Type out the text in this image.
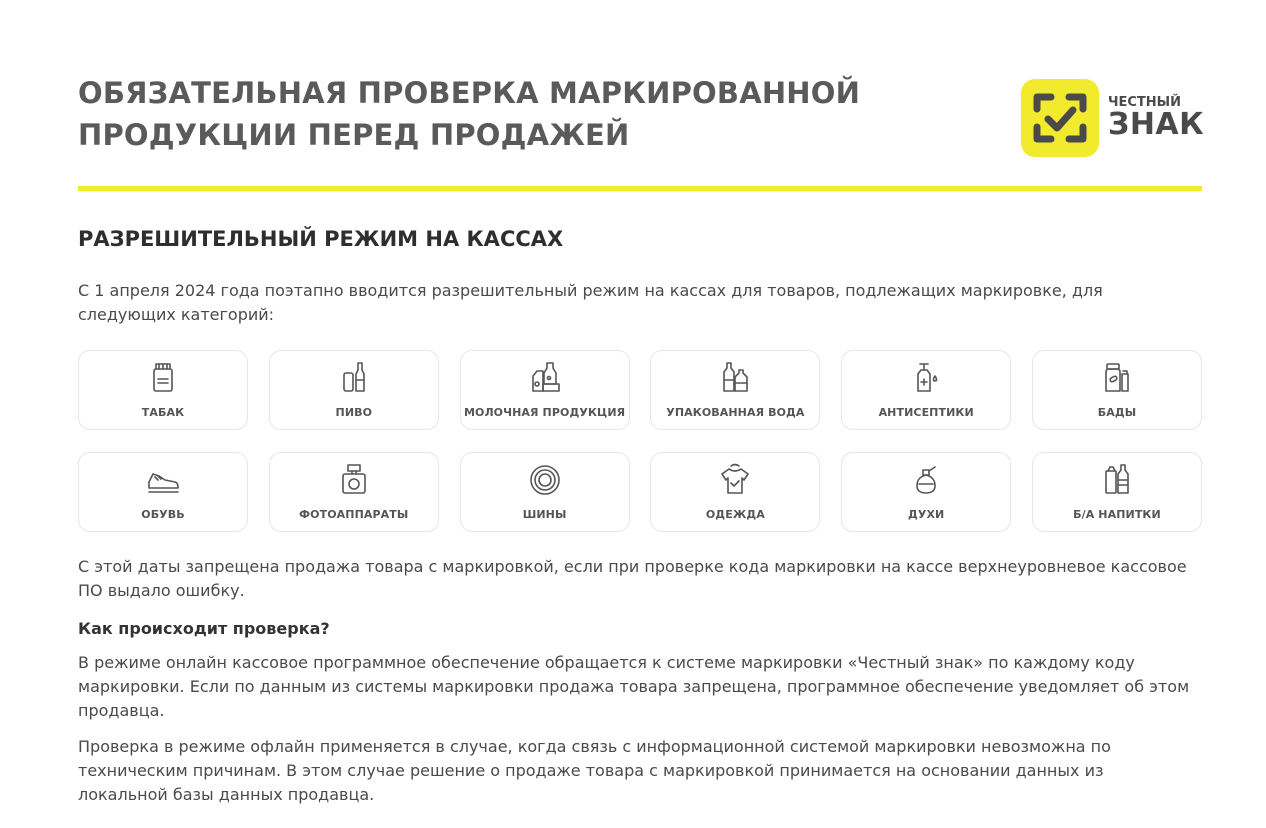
ОБЯЗАТЕЛЬНАЯ ПРОВЕРКА МАРКИРОВАННОЙ
ПРОДУКЦИИ ПЕРЕД ПРОДАЖЕЙ
ЧЕСТНЫЙ
ЗНАК
РАЗРЕШИТЕЛЬНЫЙ РЕЖИМ НА КАССАХ
С 1 апреля 2024 года поэтапно вводится разрешительный режим на кассах для товаров, подлежащих маркировке, для следующих категорий:
ТАБАК	ПИВО	МОЛОЧНАЯ ПРОДУКЦИЯ	УПАКОВАННАЯ ВОДА	АНТИСЕПТИКИ	БАДЫ
ОБУВЬ	ФОТОАППАРАТЫ	ШИНЫ	ОДЕЖДА	ДУХИ	Б/А НАПИТКИ
С этой даты запрещена продажа товара с маркировкой, если при проверке кода маркировки на кассе верхнеуровневое кассовое ПО выдало ошибку.
Как происходит проверка?
В режиме онлайн кассовое программное обеспечение обращается к системе маркировки «Честный знак» по каждому коду маркировки. Если по данным из системы маркировки продажа товара запрещена, программное обеспечение уведомляет об этом продавца.
Проверка в режиме офлайн применяется в случае, когда связь с информационной системой маркировки невозможна по техническим причинам. В этом случае решение о продаже товара с маркировкой принимается на основании данных из локальной базы данных продавца.
